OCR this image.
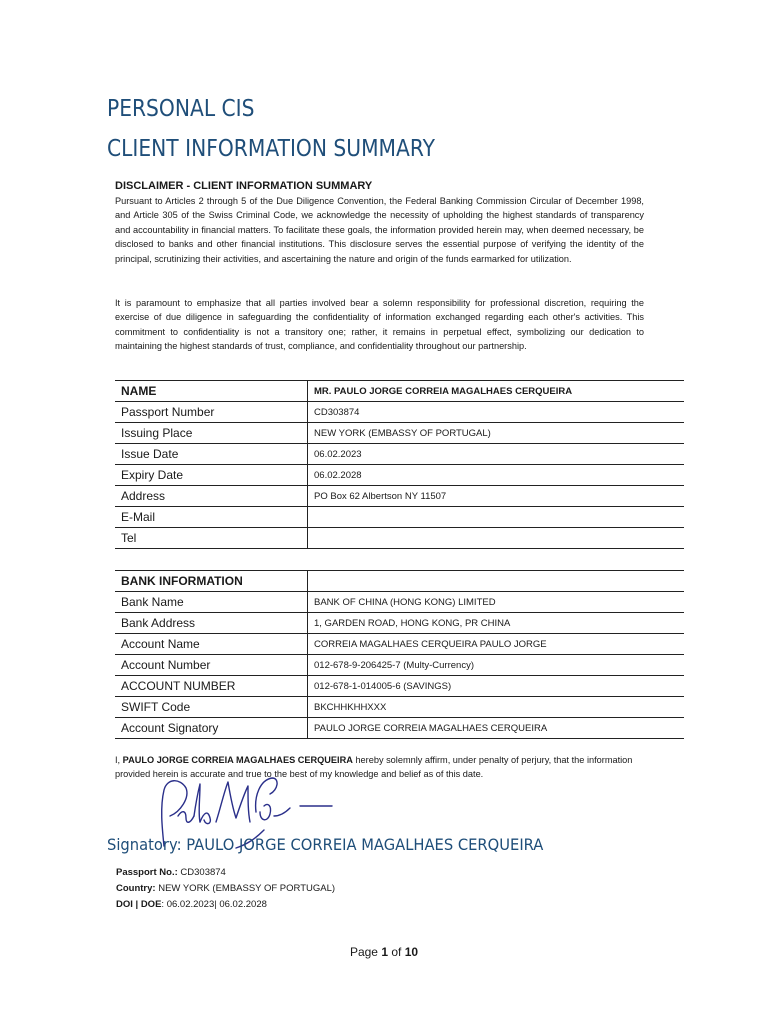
PERSONAL CIS
CLIENT INFORMATION SUMMARY
DISCLAIMER - CLIENT INFORMATION SUMMARY

Pursuant to Articles 2 through 5 of the Due Diligence Convention, the Federal Banking Commission Circular of December 1998, and Article 305 of the Swiss Criminal Code, we acknowledge the necessity of upholding the highest standards of transparency and accountability in financial matters. To facilitate these goals, the information provided herein may, when deemed necessary, be disclosed to banks and other financial institutions. This disclosure serves the essential purpose of verifying the identity of the principal, scrutinizing their activities, and ascertaining the nature and origin of the funds earmarked for utilization.

It is paramount to emphasize that all parties involved bear a solemn responsibility for professional discretion, requiring the exercise of due diligence in safeguarding the confidentiality of information exchanged regarding each other's activities. This commitment to confidentiality is not a transitory one; rather, it remains in perpetual effect, symbolizing our dedication to maintaining the highest standards of trust, compliance, and confidentiality throughout our partnership.

NAME	MR. PAULO JORGE CORREIA MAGALHAES CERQUEIRA
Passport Number	CD303874
Issuing Place	NEW YORK (EMBASSY OF PORTUGAL)
Issue Date	06.02.2023
Expiry Date	06.02.2028
Address	PO Box 62 Albertson NY 11507
E-Mail	
Tel	
BANK INFORMATION	
Bank Name	BANK OF CHINA (HONG KONG) LIMITED
Bank Address	1, GARDEN ROAD, HONG KONG, PR CHINA
Account Name	CORREIA MAGALHAES CERQUEIRA PAULO JORGE
Account Number	012-678-9-206425-7 (Multy-Currency)
ACCOUNT NUMBER	012-678-1-014005-6 (SAVINGS)
SWIFT Code	BKCHHKHHXXX
Account Signatory	PAULO JORGE CORREIA MAGALHAES CERQUEIRA

I, PAULO JORGE CORREIA MAGALHAES CERQUEIRA hereby solemnly affirm, under penalty of perjury, that the information provided herein is accurate and true to the best of my knowledge and belief as of this date.

Signatory: PAULO JORGE CORREIA MAGALHAES CERQUEIRA
Passport No.: CD303874
Country: NEW YORK (EMBASSY OF PORTUGAL)
DOI | DOE: 06.02.2023| 06.02.2028
Page 1 of 10
